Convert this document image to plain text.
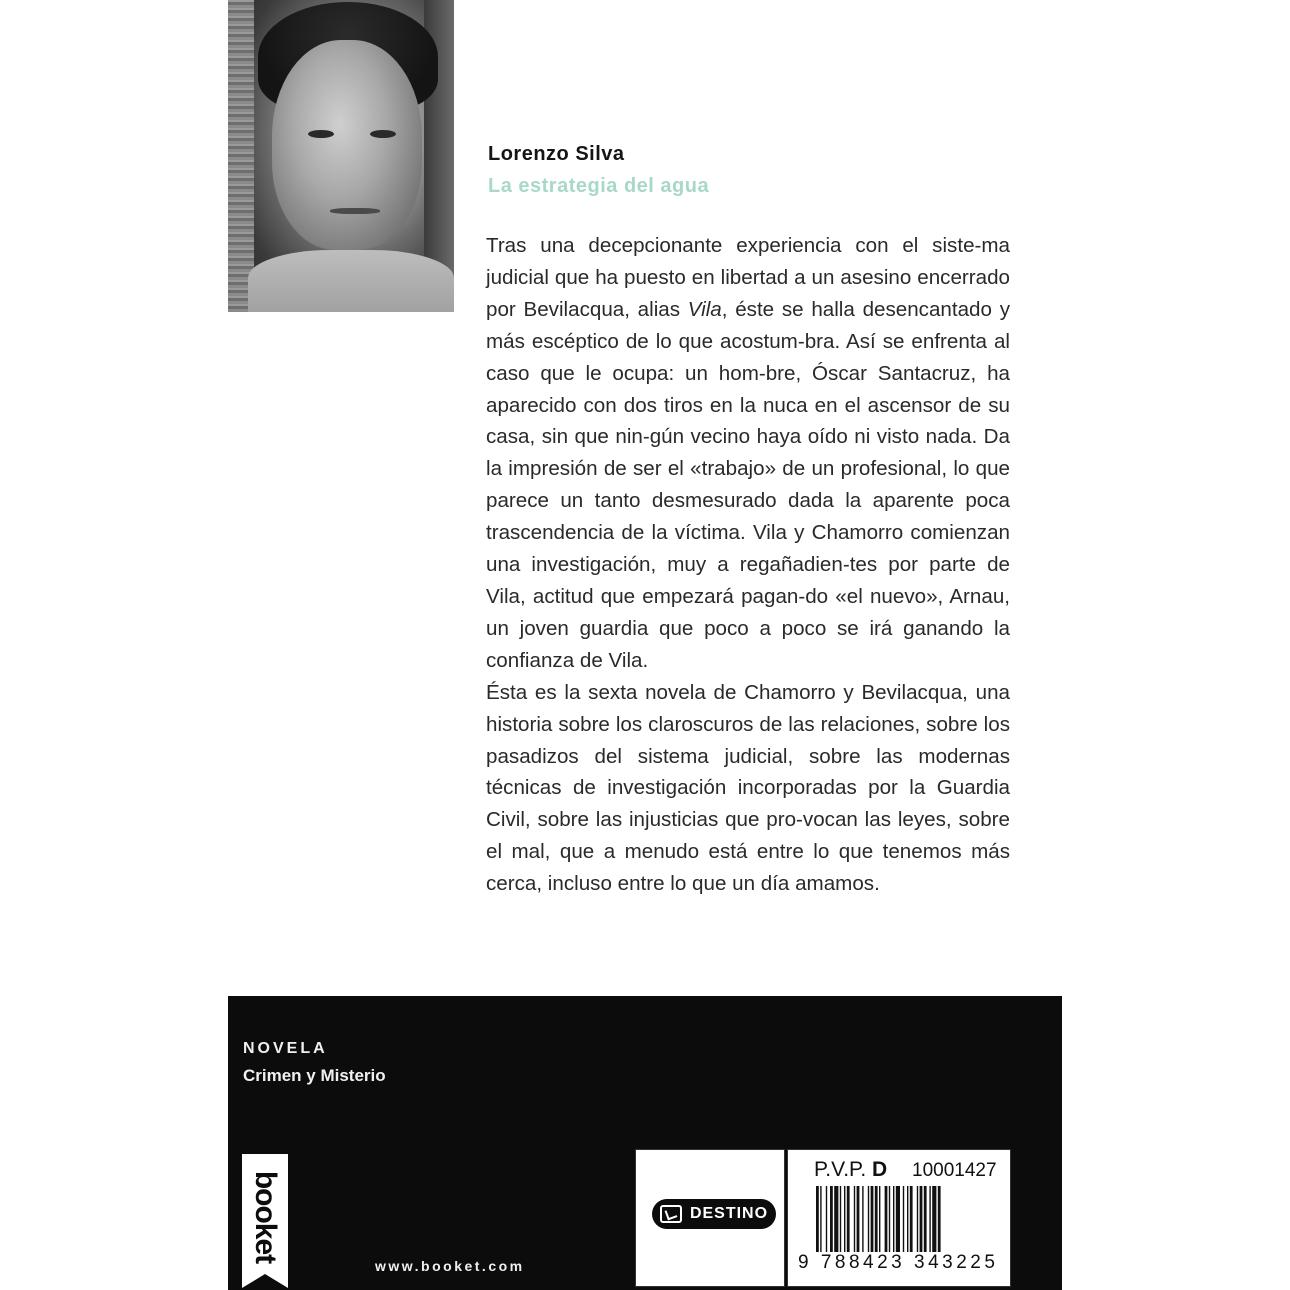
Lorenzo Silva
La estrategia del agua

Tras una decepcionante experiencia con el siste-ma judicial que ha puesto en libertad a un asesino encerrado por Bevilacqua, alias Vila, éste se halla desencantado y más escéptico de lo que acostum-bra. Así se enfrenta al caso que le ocupa: un hom-bre, Óscar Santacruz, ha aparecido con dos tiros en la nuca en el ascensor de su casa, sin que nin-gún vecino haya oído ni visto nada. Da la impresión de ser el «trabajo» de un profesional, lo que parece un tanto desmesurado dada la aparente poca trascendencia de la víctima. Vila y Chamorro comienzan una investigación, muy a regañadien-tes por parte de Vila, actitud que empezará pagan-do «el nuevo», Arnau, un joven guardia que poco a poco se irá ganando la confianza de Vila.

Ésta es la sexta novela de Chamorro y Bevilacqua, una historia sobre los claroscuros de las relaciones, sobre los pasadizos del sistema judicial, sobre las modernas técnicas de investigación incorporadas por la Guardia Civil, sobre las injusticias que pro-vocan las leyes, sobre el mal, que a menudo está entre lo que tenemos más cerca, incluso entre lo que un día amamos.

NOVELA
Crimen y Misterio
booket
www.booket.com
DESTINO
P.V.P. D 10001427
9 788423 343225
